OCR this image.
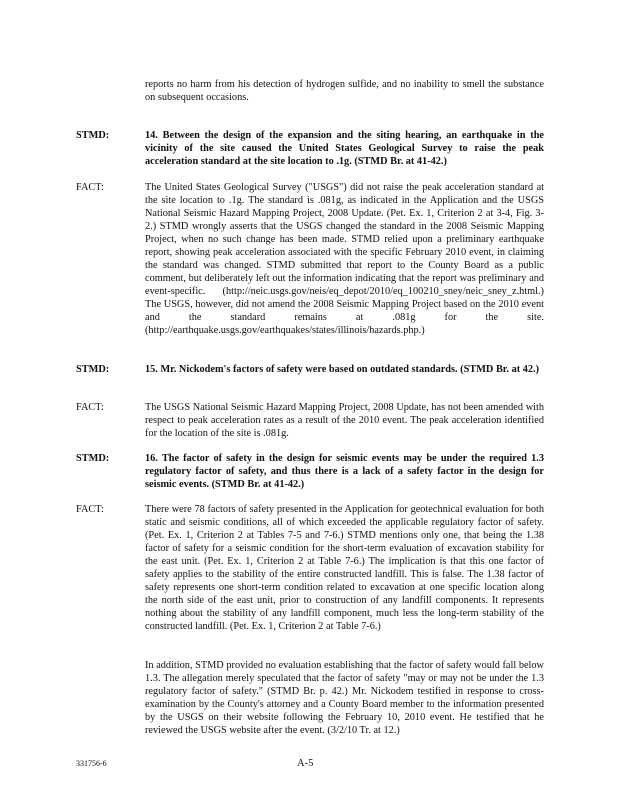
reports no harm from his detection of hydrogen sulfide, and no inability to smell the substance on subsequent occasions.
STMD:	14. Between the design of the expansion and the siting hearing, an earthquake in the vicinity of the site caused the United States Geological Survey to raise the peak acceleration standard at the site location to .1g. (STMD Br. at 41-42.)
FACT:	The United States Geological Survey ("USGS") did not raise the peak acceleration standard at the site location to .1g. The standard is .081g, as indicated in the Application and the USGS National Seismic Hazard Mapping Project, 2008 Update. (Pet. Ex. 1, Criterion 2 at 3-4, Fig. 3-2.) STMD wrongly asserts that the USGS changed the standard in the 2008 Seismic Mapping Project, when no such change has been made. STMD relied upon a preliminary earthquake report, showing peak acceleration associated with the specific February 2010 event, in claiming the standard was changed. STMD submitted that report to the County Board as a public comment, but deliberately left out the information indicating that the report was preliminary and event-specific. (http://neic.usgs.gov/neis/eq_depot/2010/eq_100210_sney/neic_sney_z.html.) The USGS, however, did not amend the 2008 Seismic Mapping Project based on the 2010 event and the standard remains at .081g for the site. (http://earthquake.usgs.gov/earthquakes/states/illinois/hazards.php.)
STMD:	15. Mr. Nickodem's factors of safety were based on outdated standards. (STMD Br. at 42.)
FACT:	The USGS National Seismic Hazard Mapping Project, 2008 Update, has not been amended with respect to peak acceleration rates as a result of the 2010 event. The peak acceleration identified for the location of the site is .081g.
STMD:	16. The factor of safety in the design for seismic events may be under the required 1.3 regulatory factor of safety, and thus there is a lack of a safety factor in the design for seismic events. (STMD Br. at 41-42.)
FACT:	There were 78 factors of safety presented in the Application for geotechnical evaluation for both static and seismic conditions, all of which exceeded the applicable regulatory factor of safety. (Pet. Ex. 1, Criterion 2 at Tables 7-5 and 7-6.) STMD mentions only one, that being the 1.38 factor of safety for a seismic condition for the short-term evaluation of excavation stability for the east unit. (Pet. Ex. 1, Criterion 2 at Table 7-6.) The implication is that this one factor of safety applies to the stability of the entire constructed landfill. This is false. The 1.38 factor of safety represents one short-term condition related to excavation at one specific location along the north side of the east unit, prior to construction of any landfill components. It represents nothing about the stability of any landfill component, much less the long-term stability of the constructed landfill. (Pet. Ex. 1, Criterion 2 at Table 7-6.)
In addition, STMD provided no evaluation establishing that the factor of safety would fall below 1.3. The allegation merely speculated that the factor of safety "may or may not be under the 1.3 regulatory factor of safety." (STMD Br. p. 42.) Mr. Nickodem testified in response to cross-examination by the County's attorney and a County Board member to the information presented by the USGS on their website following the February 10, 2010 event. He testified that he reviewed the USGS website after the event. (3/2/10 Tr. at 12.)
331756-6	A-5
